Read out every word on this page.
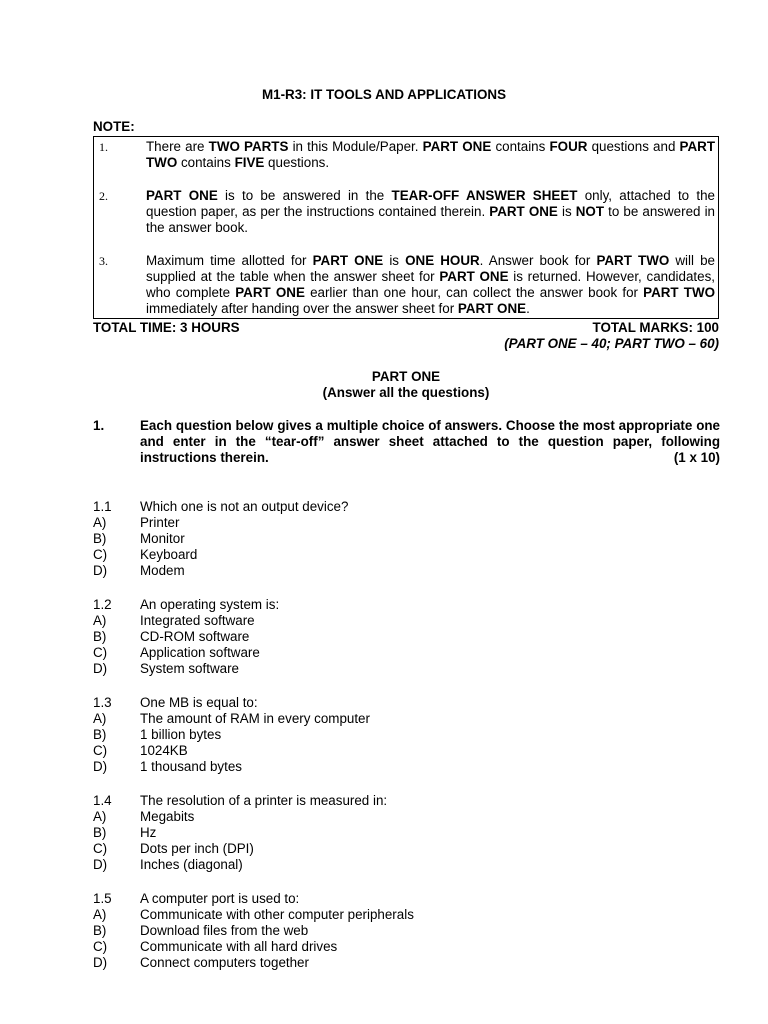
M1-R3: IT TOOLS AND APPLICATIONS
NOTE:
1.	There are TWO PARTS in this Module/Paper. PART ONE contains FOUR questions and PART TWO contains FIVE questions.
2.	PART ONE is to be answered in the TEAR-OFF ANSWER SHEET only, attached to the question paper, as per the instructions contained therein. PART ONE is NOT to be answered in the answer book.
3.	Maximum time allotted for PART ONE is ONE HOUR. Answer book for PART TWO will be supplied at the table when the answer sheet for PART ONE is returned. However, candidates, who complete PART ONE earlier than one hour, can collect the answer book for PART TWO immediately after handing over the answer sheet for PART ONE.
TOTAL TIME: 3 HOURS	TOTAL MARKS: 100
(PART ONE – 40; PART TWO – 60)
PART ONE
(Answer all the questions)
1.	Each question below gives a multiple choice of answers. Choose the most appropriate one and enter in the “tear-off” answer sheet attached to the question paper, following instructions therein.	(1 x 10)
1.1 Which one is not an output device?
A)	Printer
B)	Monitor
C) Keyboard
D) Modem
1.2 An operating system is:
A)	Integrated software
B)	CD-ROM software
C) Application software
D) System software
1.3 One MB is equal to:
A)	The amount of RAM in every computer
B)	1 billion bytes
C) 1024KB
D) 1 thousand bytes
1.4 The resolution of a printer is measured in:
A)	Megabits
B)	Hz
C) Dots per inch (DPI)
D) Inches (diagonal)
1.5 A computer port is used to:
A)	Communicate with other computer peripherals
B)	Download files from the web
C) Communicate with all hard drives
D) Connect computers together
